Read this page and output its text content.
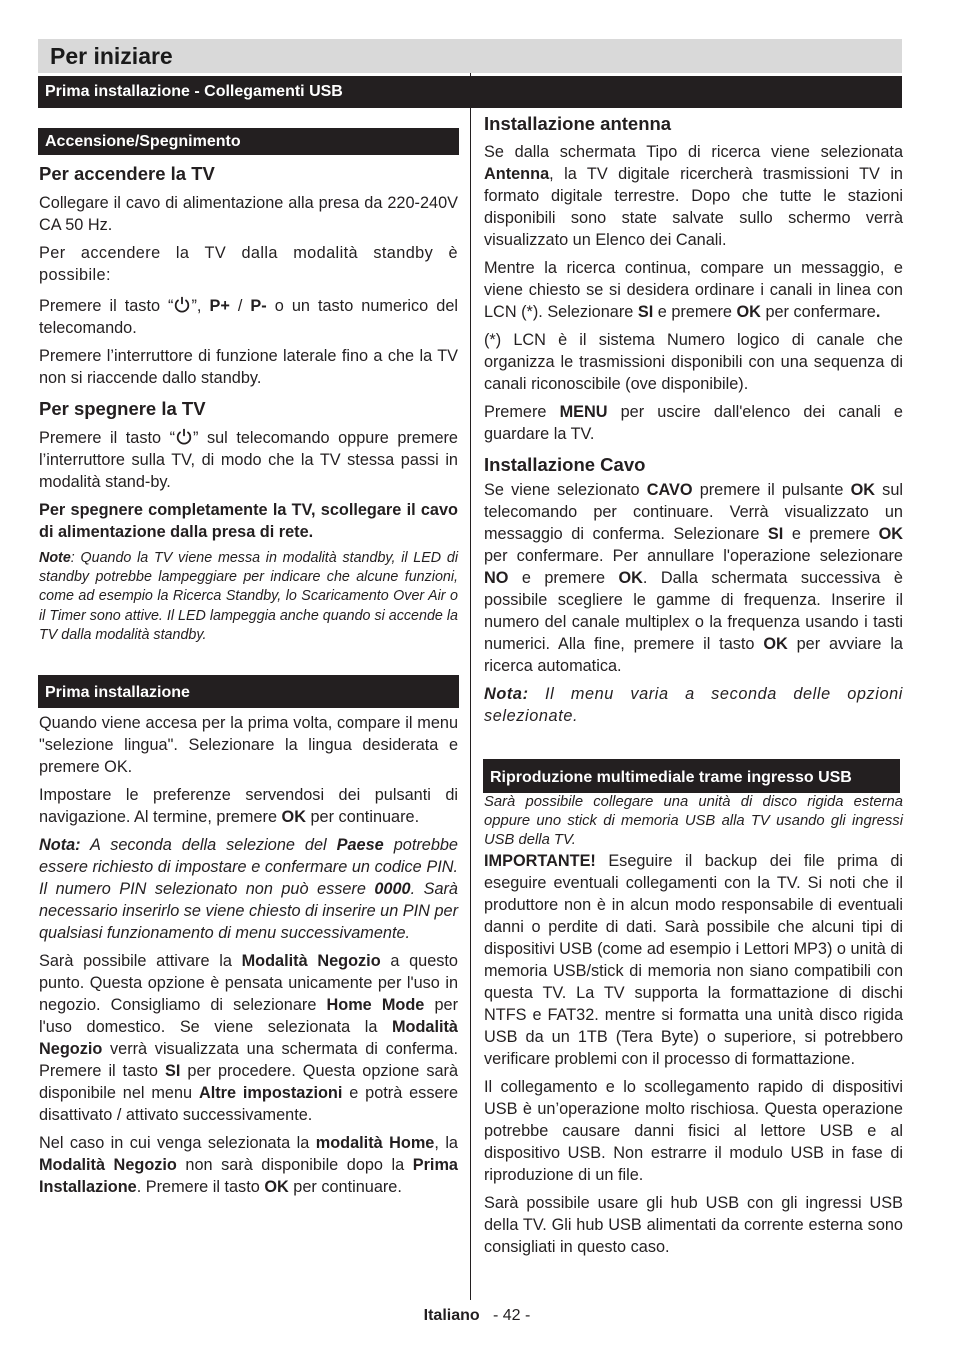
Per iniziare
Prima installazione - Collegamenti USB
Accensione/Spegnimento
Per accendere la TV

Collegare il cavo di alimentazione alla presa da 220-240V CA 50 Hz.

Per accendere la TV dalla modalità standby è possibile:

Premere il tasto “ ”, P+ / P- o un tasto numerico del telecomando.

Premere l’interruttore di funzione laterale fino a che la TV non si riaccende dallo standby.

Per spegnere la TV

Premere il tasto “ ” sul telecomando oppure premere l’interruttore sulla TV, di modo che la TV stessa passi in modalità stand-by.

Per spegnere completamente la TV, scollegare il cavo di alimentazione dalla presa di rete.

Note: Quando la TV viene messa in modalità standby, il LED di standby potrebbe lampeggiare per indicare che alcune funzioni, come ad esempio la Ricerca Standby, lo Scaricamento Over Air o il Timer sono attive. Il LED lampeggia anche quando si accende la TV dalla modalità standby.

Prima installazione

Quando viene accesa per la prima volta, compare il menu "selezione lingua". Selezionare la lingua desiderata e premere OK.

Impostare le preferenze servendosi dei pulsanti di navigazione. Al termine, premere OK per continuare.

Nota: A seconda della selezione del Paese potrebbe essere richiesto di impostare e confermare un codice PIN. Il numero PIN selezionato non può essere 0000. Sarà necessario inserirlo se viene chiesto di inserire un PIN per qualsiasi funzionamento di menu successivamente.

Sarà possibile attivare la Modalità Negozio a questo punto. Questa opzione è pensata unicamente per l'uso in negozio. Consigliamo di selezionare Home Mode per l'uso domestico. Se viene selezionata la Modalità Negozio verrà visualizzata una schermata di conferma. Premere il tasto SI per procedere. Questa opzione sarà disponibile nel menu Altre impostazioni e potrà essere disattivato / attivato successivamente.

Nel caso in cui venga selezionata la modalità Home, la Modalità Negozio non sarà disponibile dopo la Prima Installazione. Premere il tasto OK per continuare.

Installazione antenna

Se dalla schermata Tipo di ricerca viene selezionata Antenna, la TV digitale ricercherà trasmissioni TV in formato digitale terrestre. Dopo che tutte le stazioni disponibili sono state salvate sullo schermo verrà visualizzato un Elenco dei Canali.

Mentre la ricerca continua, compare un messaggio, e viene chiesto se si desidera ordinare i canali in linea con LCN (*). Selezionare SI e premere OK per confermare.

(*) LCN è il sistema Numero logico di canale che organizza le trasmissioni disponibili con una sequenza di canali riconoscibile (ove disponibile).

Premere MENU per uscire dall'elenco dei canali e guardare la TV.

Installazione Cavo

Se viene selezionato CAVO premere il pulsante OK sul telecomando per continuare. Verrà visualizzato un messaggio di conferma. Selezionare SI e premere OK per confermare. Per annullare l'operazione selezionare NO e premere OK. Dalla schermata successiva è possibile scegliere le gamme di frequenza. Inserire il numero del canale multiplex o la frequenza usando i tasti numerici. Alla fine, premere il tasto OK per avviare la ricerca automatica.

Nota: Il menu varia a seconda delle opzioni selezionate.

Riproduzione multimediale trame ingresso USB

Sarà possibile collegare una unità di disco rigida esterna oppure uno stick di memoria USB alla TV usando gli ingressi USB della TV.

IMPORTANTE! Eseguire il backup dei file prima di eseguire eventuali collegamenti con la TV. Si noti che il produttore non è in alcun modo responsabile di eventuali danni o perdite di dati. Sarà possibile che alcuni tipi di dispositivi USB (come ad esempio i Lettori MP3) o unità di memoria USB/stick di memoria non siano compatibili con questa TV. La TV supporta la formattazione di dischi NTFS e FAT32. mentre si formatta una unità disco rigida USB da un 1TB (Tera Byte) o superiore, si potrebbero verificare problemi con il processo di formattazione.

Il collegamento e lo scollegamento rapido di dispositivi USB è un’operazione molto rischiosa. Questa operazione potrebbe causare danni fisici al lettore USB e al dispositivo USB. Non estrarre il modulo USB in fase di riproduzione di un file.

Sarà possibile usare gli hub USB con gli ingressi USB della TV. Gli hub USB alimentati da corrente esterna sono consigliati in questo caso.

Italiano - 42 -
